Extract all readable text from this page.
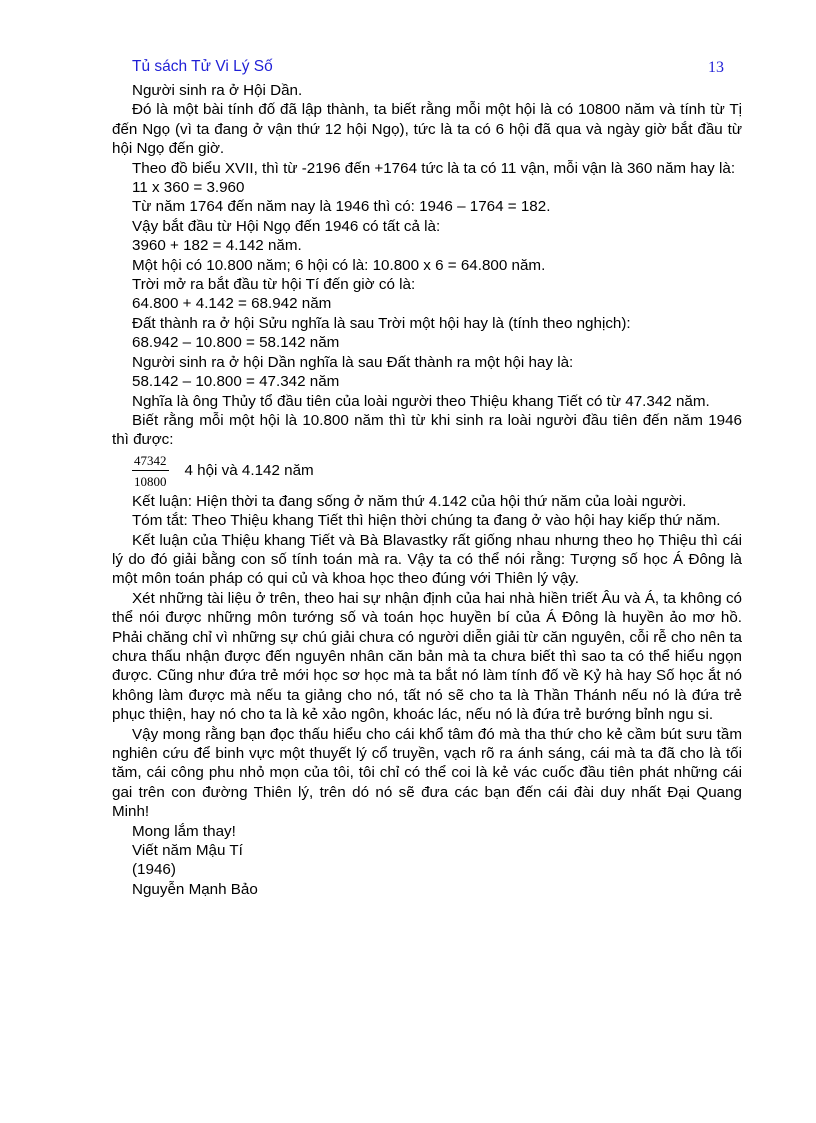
Tủ sách Tử Vi Lý Số	13

Người sinh ra ở Hội Dần.

Đó là một bài tính đố đã lập thành, ta biết rằng mỗi một hội là có 10800 năm và tính từ Tị đến Ngọ (vì ta đang ở vận thứ 12 hội Ngọ), tức là ta có 6 hội đã qua và ngày giờ bắt đầu từ hội Ngọ đến giờ.

Theo đồ biểu XVII, thì từ -2196 đến +1764 tức là ta có 11 vận, mỗi vận là 360 năm hay là:

11 x 360 = 3.960

Từ năm 1764 đến năm nay là 1946 thì có: 1946 – 1764 = 182.

Vậy bắt đầu từ Hội Ngọ đến 1946 có tất cả là:

3960 + 182 = 4.142 năm.

Một hội có 10.800 năm; 6 hội có là: 10.800 x 6 = 64.800 năm.

Trời mở ra bắt đầu từ hội Tí đến giờ có là:

64.800 + 4.142 = 68.942 năm

Đất thành ra ở hội Sửu nghĩa là sau Trời một hội hay là (tính theo nghịch):

68.942 – 10.800 = 58.142 năm

Người sinh ra ở hội Dần nghĩa là sau Đất thành ra một hội hay là:

58.142 – 10.800 = 47.342 năm

Nghĩa là ông Thủy tổ đầu tiên của loài người theo Thiệu khang Tiết có từ 47.342 năm.

Biết rằng mỗi một hội là 10.800 năm thì từ khi sinh ra loài người đầu tiên đến năm 1946 thì được:

$\frac{47342}{10800} 4$ hội và 4.142 năm

Kết luận: Hiện thời ta đang sống ở năm thứ 4.142 của hội thứ năm của loài người.

Tóm tắt: Theo Thiệu khang Tiết thì hiện thời chúng ta đang ở vào hội hay kiếp thứ năm.

Kết luận của Thiệu khang Tiết và Bà Blavastky rất giống nhau nhưng theo họ Thiệu thì cái lý do đó giải bằng con số tính toán mà ra. Vậy ta có thể nói rằng: Tượng số học Á Đông là một môn toán pháp có qui củ và khoa học theo đúng với Thiên lý vậy.

Xét những tài liệu ở trên, theo hai sự nhận định của hai nhà hiền triết Âu và Á, ta không có thể nói được những môn tướng số và toán học huyền bí của Á Đông là huyền ảo mơ hồ. Phải chăng chỉ vì những sự chú giải chưa có người diễn giải từ căn nguyên, cỗi rễ cho nên ta chưa thấu nhận được đến nguyên nhân căn bản mà ta chưa biết thì sao ta có thể hiểu ngọn được. Cũng như đứa trẻ mới học sơ học mà ta bắt nó làm tính đố về Kỷ hà hay Số học ắt nó không làm được mà nếu ta giảng cho nó, tất nó sẽ cho ta là Thần Thánh nếu nó là đứa trẻ phục thiện, hay nó cho ta là kẻ xảo ngôn, khoác lác, nếu nó là đứa trẻ bướng bỉnh ngu si.

Vậy mong rằng bạn đọc thấu hiểu cho cái khổ tâm đó mà tha thứ cho kẻ cầm bút sưu tầm nghiên cứu để binh vực một thuyết lý cổ truyền, vạch rõ ra ánh sáng, cái mà ta đã cho là tối tăm, cái công phu nhỏ mọn của tôi, tôi chỉ có thể coi là kẻ vác cuốc đầu tiên phát những cái gai trên con đường Thiên lý, trên dó nó sẽ đưa các bạn đến cái đài duy nhất Đại Quang Minh!

Mong lắm thay!

Viết năm Mậu Tí

(1946)

Nguyễn Mạnh Bảo
